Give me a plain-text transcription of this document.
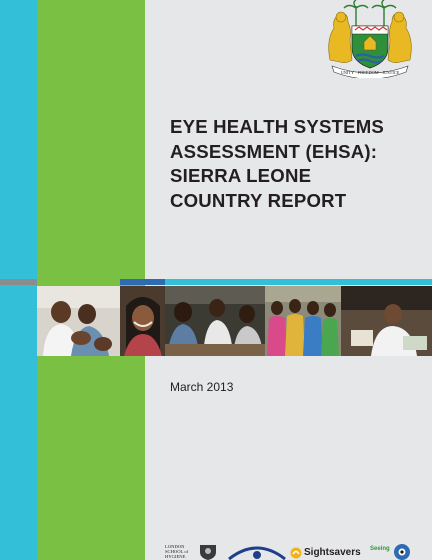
UNITY · FREEDOM · JUSTICE
EYE HEALTH SYSTEMS
ASSESSMENT (EHSA):
SIERRA LEONE
COUNTRY REPORT
March 2013
LONDON
SCHOOL of
HYGIENE	Sightsavers Seeing
